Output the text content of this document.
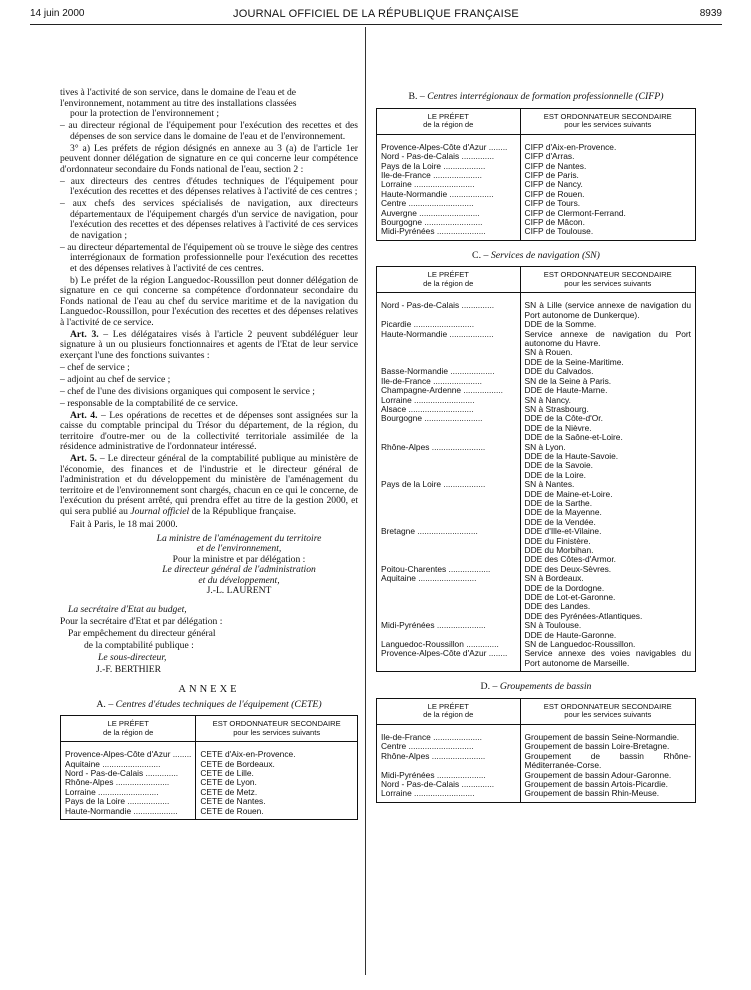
14 juin 2000	JOURNAL OFFICIEL DE LA RÉPUBLIQUE FRANÇAISE	8939

tives à l'activité de son service, dans le domaine de l'eau et de
l'environnement, notamment au titre des installations classées
pour la protection de l'environnement ;

– au directeur régional de l'équipement pour l'exécution des recettes et des dépenses de son service dans le domaine de l'eau et de l'environnement.

3° a) Les préfets de région désignés en annexe au 3 (a) de l'article 1er peuvent donner délégation de signature en ce qui concerne leur compétence d'ordonnateur secondaire du Fonds national de l'eau, section 2 :

– aux directeurs des centres d'études techniques de l'équipement pour l'exécution des recettes et des dépenses relatives à l'activité de ces centres ;

– aux chefs des services spécialisés de navigation, aux directeurs départementaux de l'équipement chargés d'un service de navigation, pour l'exécution des recettes et des dépenses relatives à l'activité de ces services de navigation ;

– au directeur départemental de l'équipement où se trouve le siège des centres interrégionaux de formation professionnelle pour l'exécution des recettes et des dépenses relatives à l'activité de ces centres.

b) Le préfet de la région Languedoc-Roussillon peut donner délégation de signature en ce qui concerne sa compétence d'ordonnateur secondaire du Fonds national de l'eau au chef du service maritime et de la navigation du Languedoc-Roussillon, pour l'exécution des recettes et des dépenses relatives à l'activité de ce service.

Art. 3. – Les délégataires visés à l'article 2 peuvent subdéléguer leur signature à un ou plusieurs fonctionnaires et agents de l'Etat de leur service exerçant l'une des fonctions suivantes :

– chef de service ;

– adjoint au chef de service ;

– chef de l'une des divisions organiques qui composent le service ;

– responsable de la comptabilité de ce service.

Art. 4. – Les opérations de recettes et de dépenses sont assignées sur la caisse du comptable principal du Trésor du département, de la région, du territoire d'outre-mer ou de la collectivité territoriale assimilée de la résidence administrative de l'ordonnateur intéressé.

Art. 5. – Le directeur général de la comptabilité publique au ministère de l'économie, des finances et de l'industrie et le directeur général de l'administration et du développement du ministère de l'aménagement du territoire et de l'environnement sont chargés, chacun en ce qui le concerne, de l'exécution du présent arrêté, qui prendra effet au titre de la gestion 2000, et qui sera publié au Journal officiel de la République française.

Fait à Paris, le 18 mai 2000.

La ministre de l'aménagement du territoire

et de l'environnement,

Pour la ministre et par délégation :

Le directeur général de l'administration

et du développement,

J.-L. LAURENT

La secrétaire d'Etat au budget,

Pour la secrétaire d'Etat et par délégation :

Par empêchement du directeur général

de la comptabilité publique :

Le sous-directeur,

J.-F. BERTHIER

ANNEXE
A. – Centres d'études techniques de l'équipement (CETE)
LE PRÉFET
de la région de	EST ORDONNATEUR SECONDAIRE
pour les services suivants

Provence-Alpes-Côte d'Azur ........	CETE d'Aix-en-Provence.
Aquitaine .........................	CETE de Bordeaux.
Nord - Pas-de-Calais ..............	CETE de Lille.
Rhône-Alpes .......................	CETE de Lyon.
Lorraine ..........................	CETE de Metz.
Pays de la Loire ..................	CETE de Nantes.
Haute-Normandie ...................	CETE de Rouen.
B. – Centres interrégionaux de formation professionnelle (CIFP)
LE PRÉFET
de la région de	EST ORDONNATEUR SECONDAIRE
pour les services suivants

Provence-Alpes-Côte d'Azur ........	CIFP d'Aix-en-Provence.
Nord - Pas-de-Calais ..............	CIFP d'Arras.
Pays de la Loire ..................	CIFP de Nantes.
Ile-de-France .....................	CIFP de Paris.
Lorraine ..........................	CIFP de Nancy.
Haute-Normandie ...................	CIFP de Rouen.
Centre ............................	CIFP de Tours.
Auvergne ..........................	CIFP de Clermont-Ferrand.
Bourgogne .........................	CIFP de Mâcon.
Midi-Pyrénées .....................	CIFP de Toulouse.
C. – Services de navigation (SN)
LE PRÉFET
de la région de	EST ORDONNATEUR SECONDAIRE
pour les services suivants

Nord - Pas-de-Calais ..............	SN à Lille (service annexe de navigation du Port autonome de Dunkerque).
Picardie ..........................	DDE de la Somme.
Haute-Normandie ...................	Service annexe de navigation du Port autonome du Havre.
	SN à Rouen.
	DDE de la Seine-Maritime.
Basse-Normandie ...................	DDE du Calvados.
Ile-de-France .....................	SN de la Seine à Paris.
Champagne-Ardenne .................	DDE de Haute-Marne.
Lorraine ..........................	SN à Nancy.
Alsace ............................	SN à Strasbourg.
Bourgogne .........................	DDE de la Côte-d'Or.
	DDE de la Nièvre.
	DDE de la Saône-et-Loire.
Rhône-Alpes .......................	SN à Lyon.
	DDE de la Haute-Savoie.
	DDE de la Savoie.
	DDE de la Loire.
Pays de la Loire ..................	SN à Nantes.
	DDE de Maine-et-Loire.
	DDE de la Sarthe.
	DDE de la Mayenne.
	DDE de la Vendée.
Bretagne ..........................	DDE d'Ille-et-Vilaine.
	DDE du Finistère.
	DDE du Morbihan.
	DDE des Côtes-d'Armor.
Poitou-Charentes ..................	DDE des Deux-Sèvres.
Aquitaine .........................	SN à Bordeaux.
	DDE de la Dordogne.
	DDE de Lot-et-Garonne.
	DDE des Landes.
	DDE des Pyrénées-Atlantiques.
Midi-Pyrénées .....................	SN à Toulouse.
	DDE de Haute-Garonne.
Languedoc-Roussillon ..............	SN de Languedoc-Roussillon.
Provence-Alpes-Côte d'Azur ........	Service annexe des voies navigables du Port autonome de Marseille.
D. – Groupements de bassin
LE PRÉFET
de la région de	EST ORDONNATEUR SECONDAIRE
pour les services suivants

Ile-de-France .....................	Groupement de bassin Seine-Normandie.
Centre ............................	Groupement de bassin Loire-Bretagne.
Rhône-Alpes .......................	Groupement de bassin Rhône-Méditerranée-Corse.
Midi-Pyrénées .....................	Groupement de bassin Adour-Garonne.
Nord - Pas-de-Calais ..............	Groupement de bassin Artois-Picardie.
Lorraine ..........................	Groupement de bassin Rhin-Meuse.
